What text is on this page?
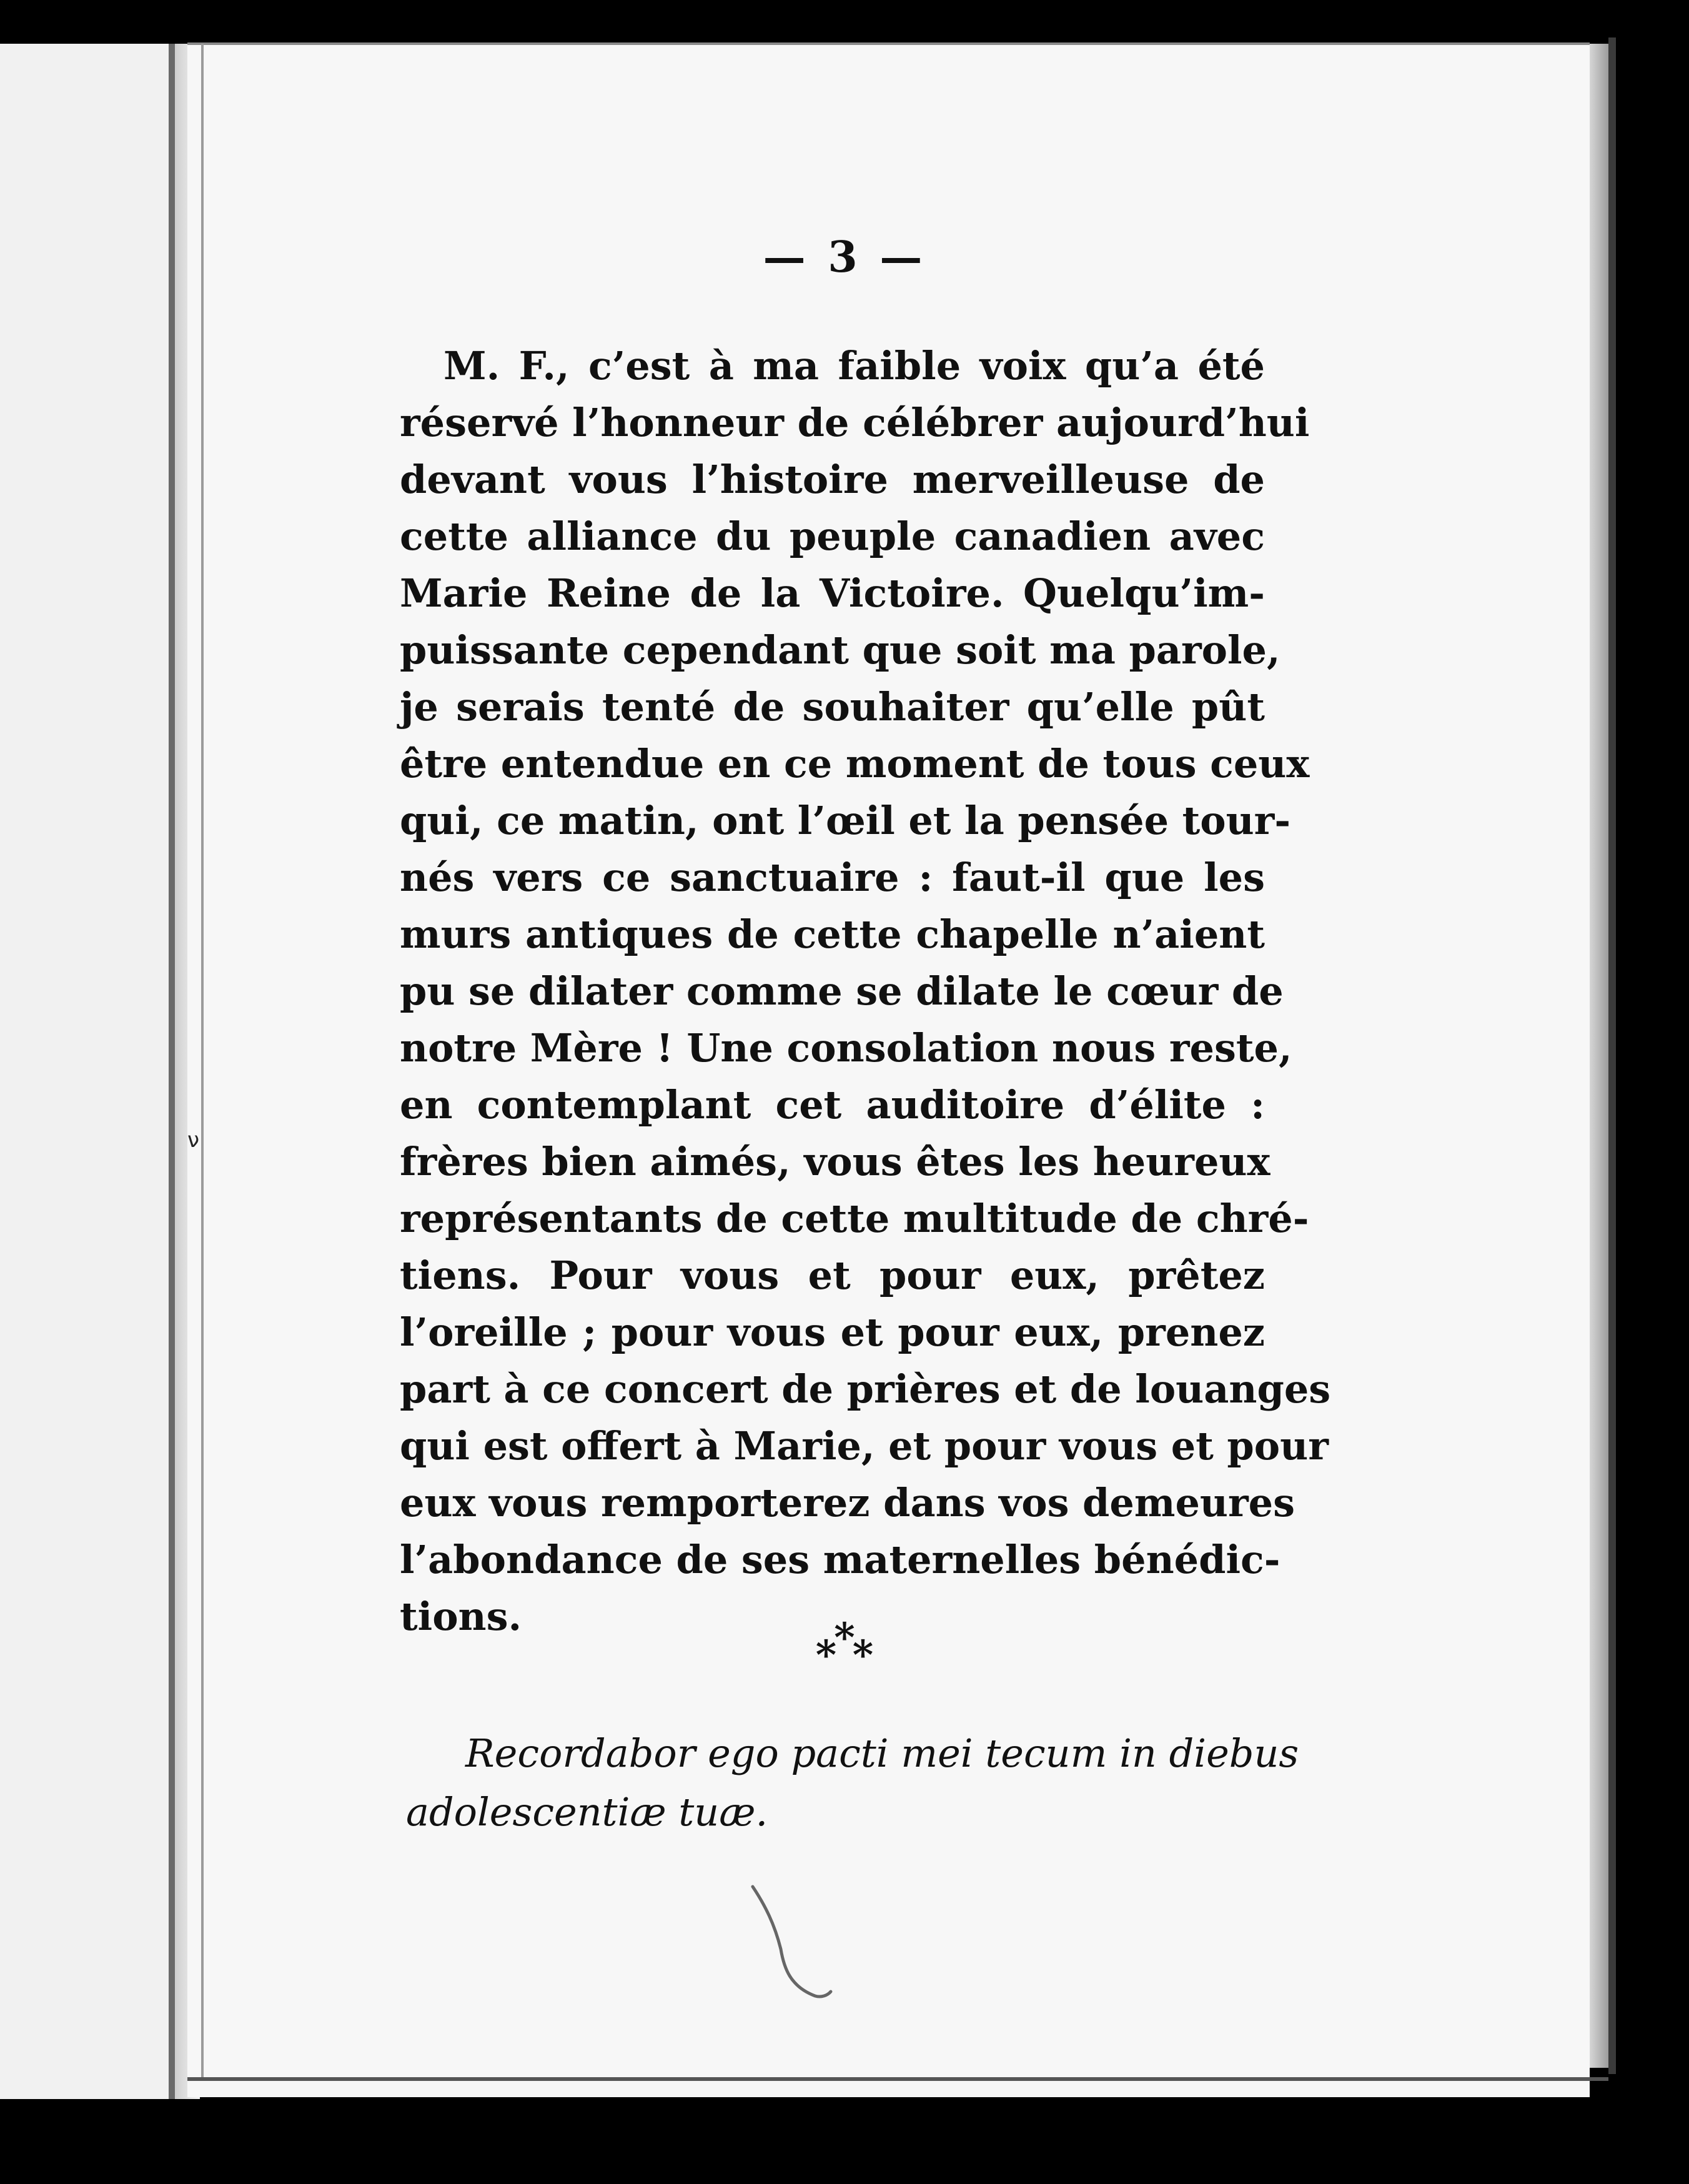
— 3 —
M. F., c’est à ma faible voix qu’a été
réservé l’honneur de célébrer aujourd’hui
devant vous l’histoire merveilleuse de
cette alliance du peuple canadien avec
Marie Reine de la Victoire. Quelqu’im-
puissante cependant que soit ma parole,
je serais tenté de souhaiter qu’elle pût
être entendue en ce moment de tous ceux
qui, ce matin, ont l’œil et la pensée tour-
nés vers ce sanctuaire : faut-il que les
murs antiques de cette chapelle n’aient
pu se dilater comme se dilate le cœur de
notre Mère ! Une consolation nous reste,
en contemplant cet auditoire d’élite :
frères bien aimés, vous êtes les heureux
représentants de cette multitude de chré-
tiens. Pour vous et pour eux, prêtez
l’oreille ; pour vous et pour eux, prenez
part à ce concert de prières et de louanges
qui est offert à Marie, et pour vous et pour
eux vous remporterez dans vos demeures
l’abondance de ses maternelles bénédic-
tions.
***
Recordabor ego pacti mei tecum in diebus
adolescentiæ tuæ.
ν
